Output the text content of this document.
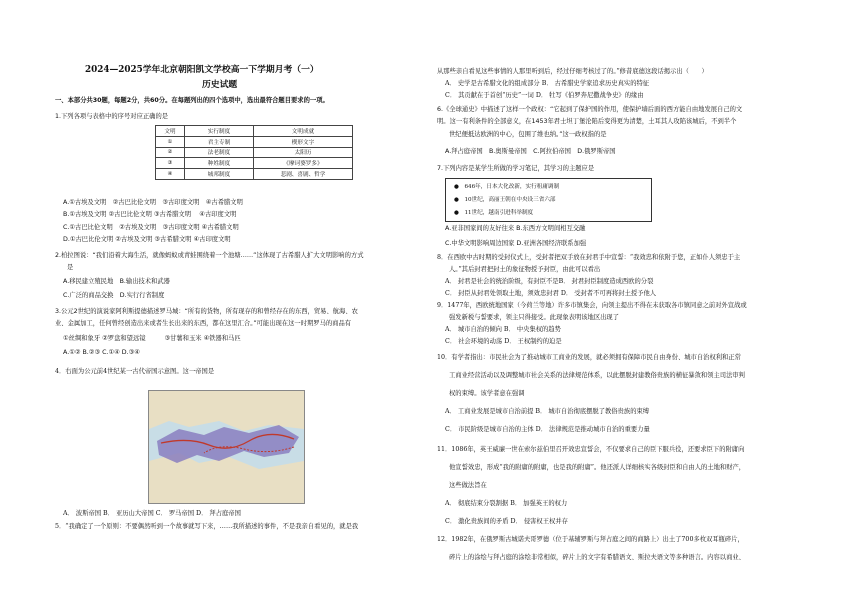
2024—2025学年北京朝阳凯文学校高一下学期月考（一）
历史试题
一、本部分共30题，每题2分，共60分。在每题列出的四个选项中，选出最符合题目要求的一项。
1.下列各项与表格中的序号对应正确的是
A.①古埃及文明　②古巴比伦文明　③古印度文明　④古希腊文明
B.①古埃及文明 ②古巴比伦文明 ③古希腊文明　 ④古印度文明
C.①古巴比伦文明　②古埃及文明　③古印度文明 ④古希腊文明
D.①古巴比伦文明 ②古埃及文明 ③古希腊文明 ④古印度文明
2.柏拉图说：“我们沿着大海生活，就像蚂蚁或青蛙围绕着一个池塘……”这体现了古希腊人扩大文明影响的方式
是
A.移民建立殖民地　B.输出技术和武器
C.广泛的商品交换　D.实行行省制度
3.公元2世纪的演说家阿利斯提德描述罗马城：“所有的货物，所有现存的和曾经存在的东西，贸易、航海、农
业、金属加工，任何曾经创造出来或者生长出来的东西，都在这里汇合。”可能出现在这一时期罗马的商品有
①丝绸和象牙 ②罗盘和望远镜　　　③甘薯和玉米 ④铁器和马匹
A.①② B.②③ C.①④ D.③④
4．右面为公元前4世纪某一古代帝国示意图。这一帝国是
A． 波斯帝国 B． 亚历山大帝国 C． 罗马帝国 D． 拜占庭帝国
5．“我确定了一个原则：不要偶然听到一个故事就写下来，……我所描述的事件，不是我亲自看见的，就是我
文明	实行制度	文明成就
①	君主专制	楔形文字
②	法老制度	太阳历
③	种姓制度	《摩诃婆罗多》
④	城邦制度	悲剧、喜剧、哲学
从那些亲自看见这些事情的人那里听到后，经过仔细考核过了的。”修昔底德这段话揭示出（　　）
A． 史学是古希腊文化的组成部分 B． 古希腊史学家追求历史真实的特征
C． 其贡献在于首创“历史”一词 D． 牡写《伯罗奔尼撒战争史》的缘由
6.《全球通史》中描述了这样一个政权：“它起到了保护国的作用，使保护墙后面的西方能自由地发展自己的文
明。这一有利条件的全部意义，在1453年君士坦丁堡沦陷后变得更为清楚，土耳其人攻陷该城后，不到半个
世纪便抵达欧洲的中心，包围了维也纳。”这一政权指的是
A.拜占庭帝国　B.奥斯曼帝国　C.阿拉伯帝国　D.俄罗斯帝国
7.下列内容是某学生所做的学习笔记，其学习的主题应是
A.亚非国家间的友好往来 B.东西方文明间相互交融
C.中华文明影响周边国家 D.亚洲各国经济联系加强
8．在西欧中古时期的受封仪式上，受封者把双手放在封君手中宣誓：“我效忠和依附于您，正如仆人须忠于主
人。”其后封君把封土的象征物授予封臣，由此可以看出
A． 封君是社会的统治阶级，有封臣不是B． 封君封臣制度造成西欧的分裂
C． 封臣从封君处领取土地，须效忠封君 D． 受封者不可再将封土授予他人
9．1477年，西欧统地国家（今荷兰等地）许多市镇集会，向领主提出不得在未获取各市镇同意之前对外宣战或
强发新税与誓要求，领主只得接受。此现象表明该地区出现了
A． 城市自治的倾向 B． 中央集权的趋势
C． 社会环境的动荡 D． 王权制约的迫是
10．有学者指出：市民社会为了推动城市工商业的发展，就必须拥有保障市民自由身份、城市自治权利和正常
工商业经营活动以及调整城市社会关系的法律规范体系，以此摆脱封建教俗贵族的横征暴敛和领主司法审判
权的束缚。该学者意在强调
A． 工商业发展是城市自治前提 B． 城市自治彻底摆脱了教俗贵族的束缚
C． 市民阶级是城市自治的主体 D． 法律规范是推动城市自治的重要力量
11．1086年，英王威廉一世在索尔兹伯里召开效忠宣誓会，不仅要求自己的臣下服兵役，还要求臣下的附庸向
他宣誓效忠，形成“我的附庸的附庸，也是我的附庸”。他还派人详细核实各级封臣和自由人的土地和财产，
这些做法旨在
A． 彻底结束分裂割据 B． 加强英王的权力
C． 激化贵族间的矛盾 D． 侵害权王权并存
12．1982年，在俄罗斯古城诺夫哥罗德（位于基辅罗斯与拜占庭之间的商路上）出土了700多枚双耳瓶碎片，
碎片上的涂绘与拜占庭的涂绘非常相似，碎片上的文字有希腊语文、斯拉夫语文等多种语言。内容以商业、
●　646年，日本大化改新，实行租庸调制
●　10世纪，高丽王朝在中央设三省六部
●　11世纪，越南引进科举制度
